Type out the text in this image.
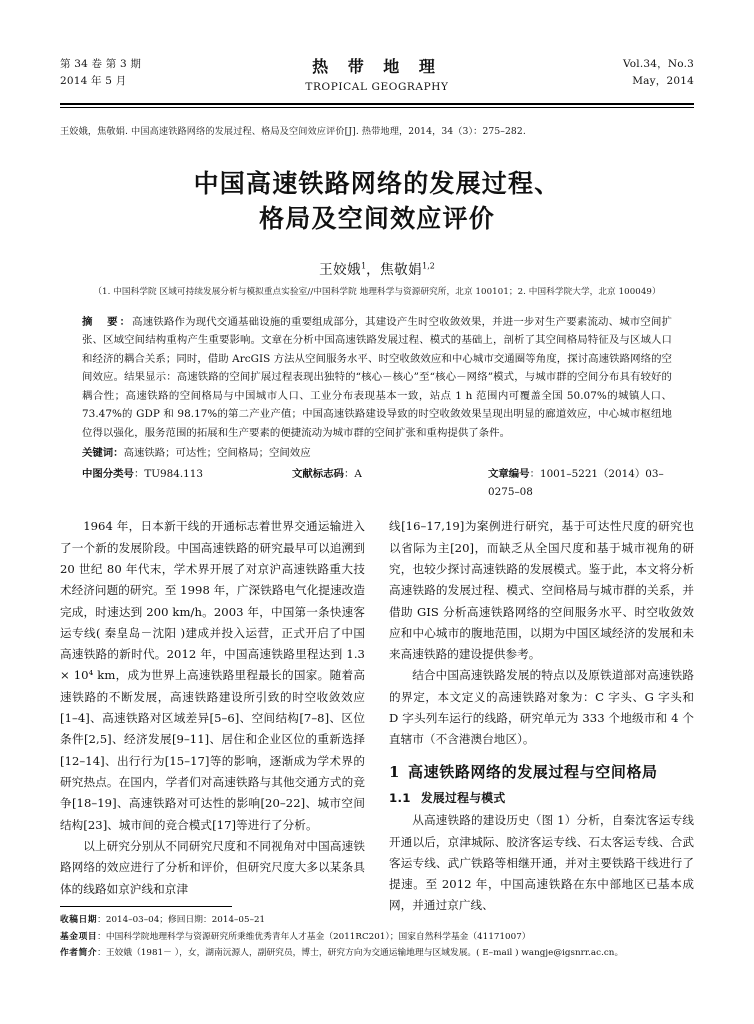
第 34 卷 第 3 期
2014 年 5 月
热 带 地 理
TROPICAL GEOGRAPHY
Vol.34，No.3
May，2014
王姣娥，焦敬娟. 中国高速铁路网络的发展过程、格局及空间效应评价[J]. 热带地理，2014，34（3）：275–282.
中国高速铁路网络的发展过程、
格局及空间效应评价
王姣娥$^1$，焦敬娟$^{1,2}$
（1. 中国科学院 区域可持续发展分析与模拟重点实验室//中国科学院 地理科学与资源研究所，北京 100101；2. 中国科学院大学，北京 100049）
摘　要：高速铁路作为现代交通基础设施的重要组成部分，其建设产生时空收敛效果，并进一步对生产要素流动、城市空间扩张、区域空间结构重构产生重要影响。文章在分析中国高速铁路发展过程、模式的基础上，剖析了其空间格局特征及与区域人口和经济的耦合关系；同时，借助 ArcGIS 方法从空间服务水平、时空收敛效应和中心城市交通圈等角度，探讨高速铁路网络的空间效应。结果显示：高速铁路的空间扩展过程表现出独特的“核心－核心”至“核心－网络”模式，与城市群的空间分布具有较好的耦合性；高速铁路的空间格局与中国城市人口、工业分布表现基本一致，站点 1 h 范围内可覆盖全国 50.07%的城镇人口、73.47%的 GDP 和 98.17%的第二产业产值；中国高速铁路建设导致的时空收敛效果呈现出明显的廊道效应，中心城市枢纽地位得以强化，服务范围的拓展和生产要素的便捷流动为城市群的空间扩张和重构提供了条件。
关键词：高速铁路；可达性；空间格局；空间效应
中图分类号：TU984.113	文献标志码：A	文章编号：1001–5221（2014）03–0275–08

1964 年，日本新干线的开通标志着世界交通运输进入了一个新的发展阶段。中国高速铁路的研究最早可以追溯到 20 世纪 80 年代末，学术界开展了对京沪高速铁路重大技术经济问题的研究。至 1998 年，广深铁路电气化提速改造完成，时速达到 200 km/h。2003 年，中国第一条快速客运专线( 秦皇岛－沈阳 )建成并投入运营，正式开启了中国高速铁路的新时代。2012 年，中国高速铁路里程达到 1.3 × 10⁴ km，成为世界上高速铁路里程最长的国家。随着高速铁路的不断发展，高速铁路建设所引致的时空收敛效应[1–4]、高速铁路对区域差异[5–6]、空间结构[7–8]、区位条件[2,5]、经济发展[9–11]、居住和企业区位的重新选择[12–14]、出行行为[15–17]等的影响，逐渐成为学术界的研究热点。在国内，学者们对高速铁路与其他交通方式的竞争[18–19]、高速铁路对可达性的影响[20–22]、城市空间结构[23]、城市间的竞合模式[17]等进行了分析。

以上研究分别从不同研究尺度和不同视角对中国高速铁路网络的效应进行了分析和评价，但研究尺度大多以某条具体的线路如京沪线和京津

线[16–17,19]为案例进行研究，基于可达性尺度的研究也以省际为主[20]，而缺乏从全国尺度和基于城市视角的研究，也较少探讨高速铁路的发展模式。鉴于此，本文将分析高速铁路的发展过程、模式、空间格局与城市群的关系，并借助 GIS 分析高速铁路网络的空间服务水平、时空收敛效应和中心城市的腹地范围，以期为中国区域经济的发展和未来高速铁路的建设提供参考。

结合中国高速铁路发展的特点以及原铁道部对高速铁路的界定，本文定义的高速铁路对象为：C 字头、G 字头和 D 字头列车运行的线路，研究单元为 333 个地级市和 4 个直辖市（不含港澳台地区）。

1 高速铁路网络的发展过程与空间格局
1.1 发展过程与模式

从高速铁路的建设历史（图 1）分析，自秦沈客运专线开通以后，京津城际、胶济客运专线、石太客运专线、合武客运专线、武广铁路等相继开通，并对主要铁路干线进行了提速。至 2012 年，中国高速铁路在东中部地区已基本成网，并通过京广线、

收稿日期：2014–03–04；修回日期：2014–05–21
基金项目：中国科学院地理科学与资源研究所秉维优秀青年人才基金（2011RC201）；国家自然科学基金（41171007）
作者简介：王姣娥（1981－ ），女，湖南沅源人，副研究员，博士，研究方向为交通运输地理与区域发展。( E–mail ) wangje@igsnrr.ac.cn。
